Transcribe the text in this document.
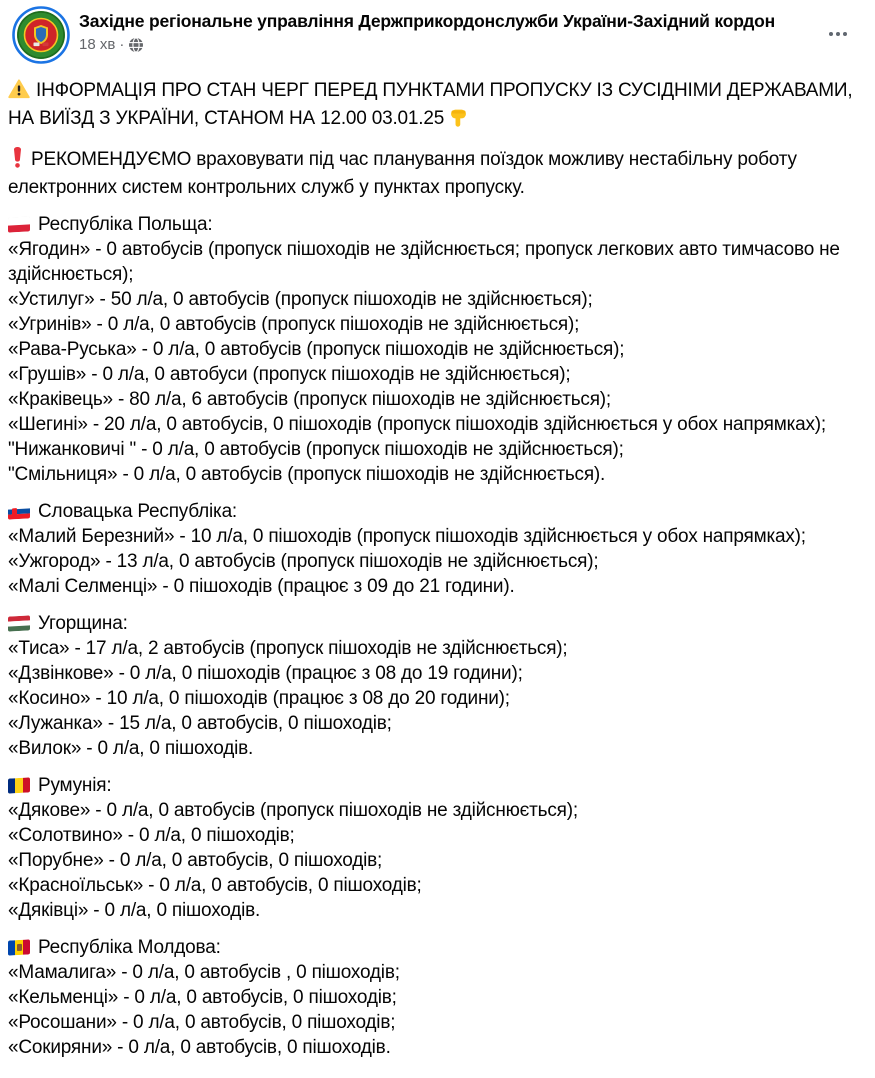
Західне регіональне управління Держприкордонслужби України-Західний кордон
18 хв ·

ІНФОРМАЦІЯ ПРО СТАН ЧЕРГ ПЕРЕД ПУНКТАМИ ПРОПУСКУ ІЗ СУСІДНІМИ ДЕРЖАВАМИ, НА ВИЇЗД З УКРАЇНИ, СТАНОМ НА 12.00 03.01.25

РЕКОМЕНДУЄМО враховувати під час планування поїздок можливу нестабільну роботу електронних систем контрольних служб у пунктах пропуску.

Республіка Польща:
«Ягодин» - 0 автобусів (пропуск пішоходів не здійснюється; пропуск легкових авто тимчасово не здійснюється);
«Устилуг» - 50 л/а, 0 автобусів (пропуск пішоходів не здійснюється);
«Угринів» - 0 л/а, 0 автобусів (пропуск пішоходів не здійснюється);
«Рава-Руська» - 0 л/а, 0 автобусів (пропуск пішоходів не здійснюється);
«Грушів» - 0 л/а, 0 автобуси (пропуск пішоходів не здійснюється);
«Краківець» - 80 л/а, 6 автобусів (пропуск пішоходів не здійснюється);
«Шегині» - 20 л/а, 0 автобусів, 0 пішоходів (пропуск пішоходів здійснюється у обох напрямках);
"Нижанковичі " - 0 л/а, 0 автобусів (пропуск пішоходів не здійснюється);
"Смільниця» - 0 л/а, 0 автобусів (пропуск пішоходів не здійснюється).
Словацька Республіка:
«Малий Березний» - 10 л/а, 0 пішоходів (пропуск пішоходів здійснюється у обох напрямках);
«Ужгород» - 13 л/а, 0 автобусів (пропуск пішоходів не здійснюється);
«Малі Селменці» - 0 пішоходів (працює з 09 до 21 години).
Угорщина:
«Тиса» - 17 л/а, 2 автобусів (пропуск пішоходів не здійснюється);
«Дзвінкове» - 0 л/а, 0 пішоходів (працює з 08 до 19 години);
«Косино» - 10 л/а, 0 пішоходів (працює з 08 до 20 години);
«Лужанка» - 15 л/а, 0 автобусів, 0 пішоходів;
«Вилок» - 0 л/а, 0 пішоходів.
Румунія:
«Дякове» - 0 л/а, 0 автобусів (пропуск пішоходів не здійснюється);
«Солотвино» - 0 л/а, 0 пішоходів;
«Порубне» - 0 л/а, 0 автобусів, 0 пішоходів;
«Красноїльськ» - 0 л/а, 0 автобусів, 0 пішоходів;
«Дяківці» - 0 л/а, 0 пішоходів.
Республіка Молдова:
«Мамалига» - 0 л/а, 0 автобусів , 0 пішоходів;
«Кельменці» - 0 л/а, 0 автобусів, 0 пішоходів;
«Росошани» - 0 л/а, 0 автобусів, 0 пішоходів;
«Сокиряни» - 0 л/а, 0 автобусів, 0 пішоходів.
